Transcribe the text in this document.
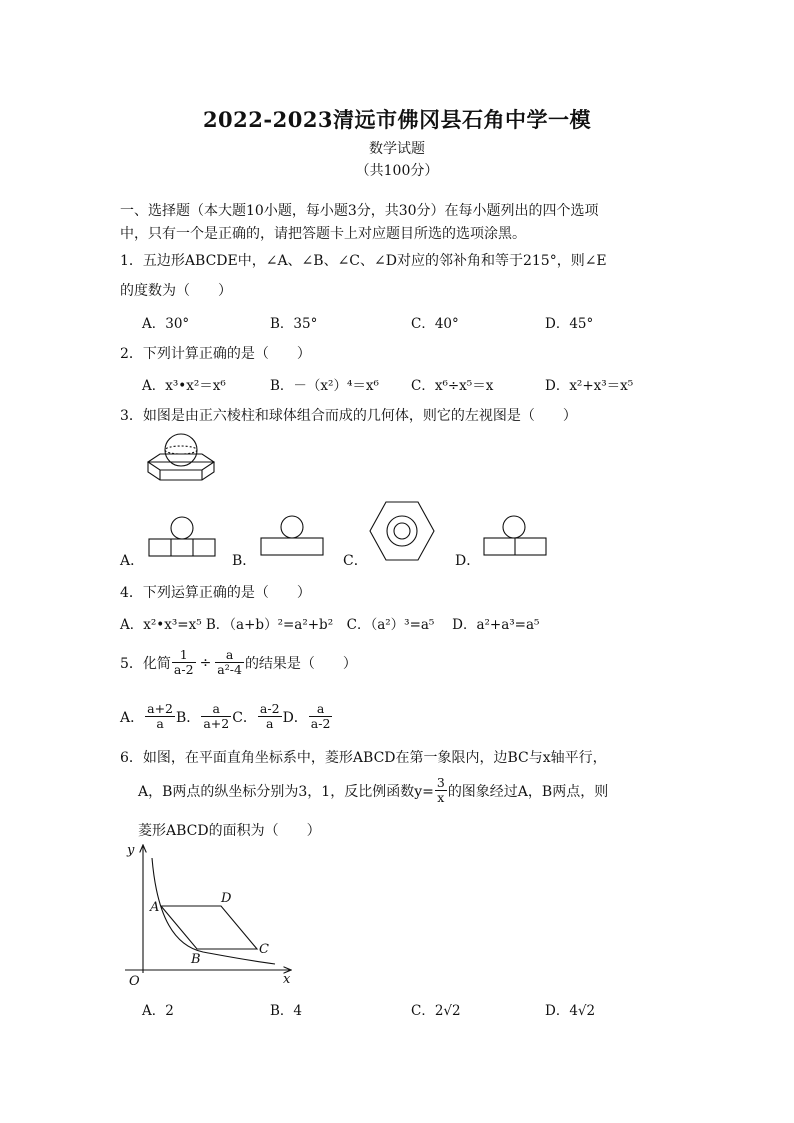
2022-2023清远市佛冈县石角中学一模
数学试题
（共100分）
一、选择题（本大题10小题，每小题3分，共30分）在每小题列出的四个选项
中，只有一个是正确的，请把答题卡上对应题目所选的选项涂黑。
1．五边形ABCDE中，∠A、∠B、∠C、∠D对应的邻补角和等于215°，则∠E
的度数为（　　）
A．30°	B．35°	C．40°	D．45°
2．下列计算正确的是（　　）
A．x³•x²＝x⁶	B．－（x²）⁴＝x⁶ C．x⁶÷x⁵＝x	D．x²+x³＝x⁵
3．如图是由正六棱柱和球体组合而成的几何体，则它的左视图是（　　）
A．	B．	C．	D．
4．下列运算正确的是（　　）
A．x²•x³=x⁵ B．（a+b）²=a²+b²　C．（a²）³=a⁵　 D．a²+a³=a⁵
5．化简 $\frac{1}{a-2} \div \frac{a}{\text{a²-4}}$ 的结果是（　　）
A． $\frac{a+2}{a}$ B． $\frac{a}{a+2}$ C． $\frac{a-2}{a}$ D． $\frac{a}{a-2}$
6．如图，在平面直角坐标系中，菱形ABCD在第一象限内，边BC与x轴平行，
A，B两点的纵坐标分别为3，1，反比例函数$y= \frac{3}{x}$ 的图象经过A，B两点，则
菱形ABCD的面积为（　　）
y
x
O
A
B
C
D
A．2	B．4	C．2√2	D．4√2
